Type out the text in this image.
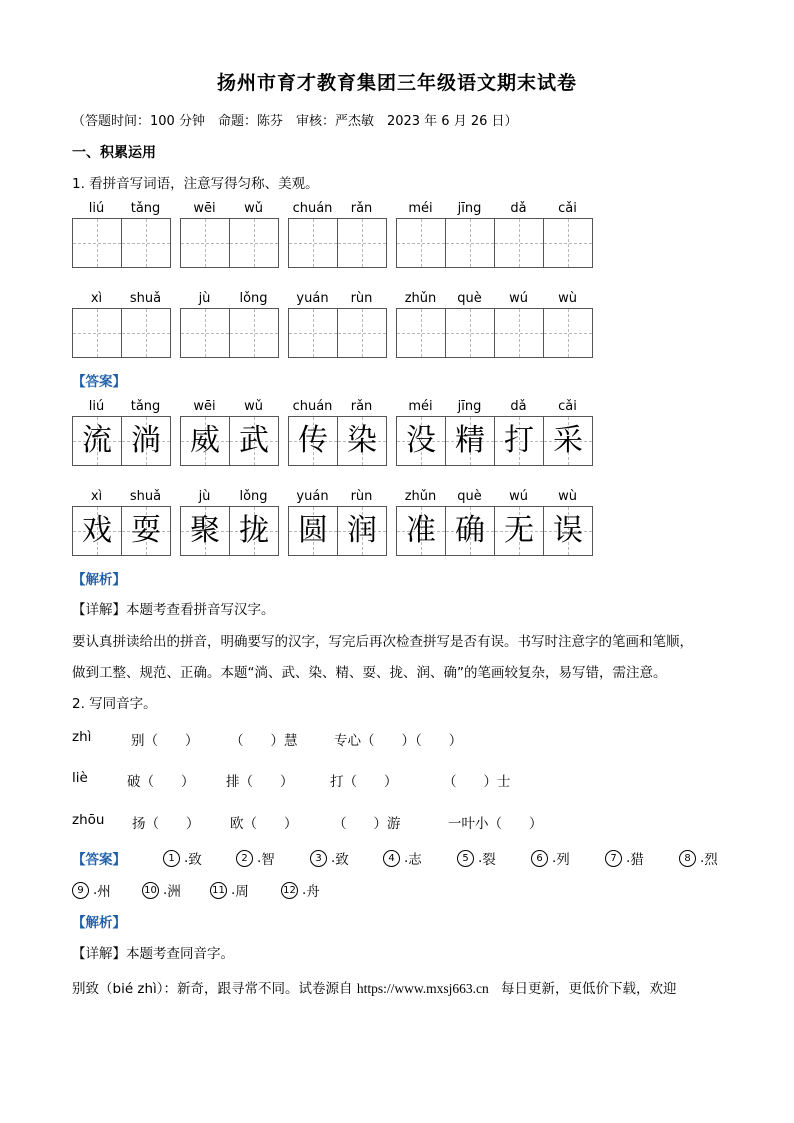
扬州市育才教育集团三年级语文期末试卷
（答题时间：100 分钟　命题：陈芬　审核：严杰敏　2023 年 6 月 26 日）
一、积累运用
1. 看拼音写词语，注意写得匀称、美观。
liú	tǎng	wēi	wǔ	chuán	rǎn	méi	jīng	dǎ	cǎi
xì	shuǎ	jù	lǒng	yuán	rùn	zhǔn	què	wú	wù
liú	tǎng
流 淌
wēi	wǔ
威 武
chuán	rǎn
传 染
méi	jīng	dǎ	cǎi
没 精 打 采
xì	shuǎ
戏 耍
jù	lǒng
聚 拢
yuán	rùn
圆 润
zhǔn	què	wú	wù
准 确 无 误
【答案】
【解析】
【详解】本题考查看拼音写汉字。
要认真拼读给出的拼音，明确要写的汉字，写完后再次检查拼写是否有误。书写时注意字的笔画和笔顺，
做到工整、规范、正确。本题“淌、武、染、精、耍、拢、润、确”的笔画较复杂，易写错，需注意。
2. 写同音字。
zhì	别（　　） （　　）慧	专心（　　）（　　）
liè	破（　　） 排（　　）	打（　　）	（　　）士
zhōu 扬（　　） 欧（　　）	（　　）游	一叶小（　　）
【答案】	1 . 致	2 . 智	3 . 致	4 . 志	5 . 裂	6 . 列	7 . 猎	8 . 烈
9 . 州	10 . 洲	11 . 周	12 . 舟
【解析】
【详解】本题考查同音字。
别致（bié zhì）：新奇，跟寻常不同。试卷源自 https://www.mxsj663.cn 每日更新，更低价下载，欢迎
